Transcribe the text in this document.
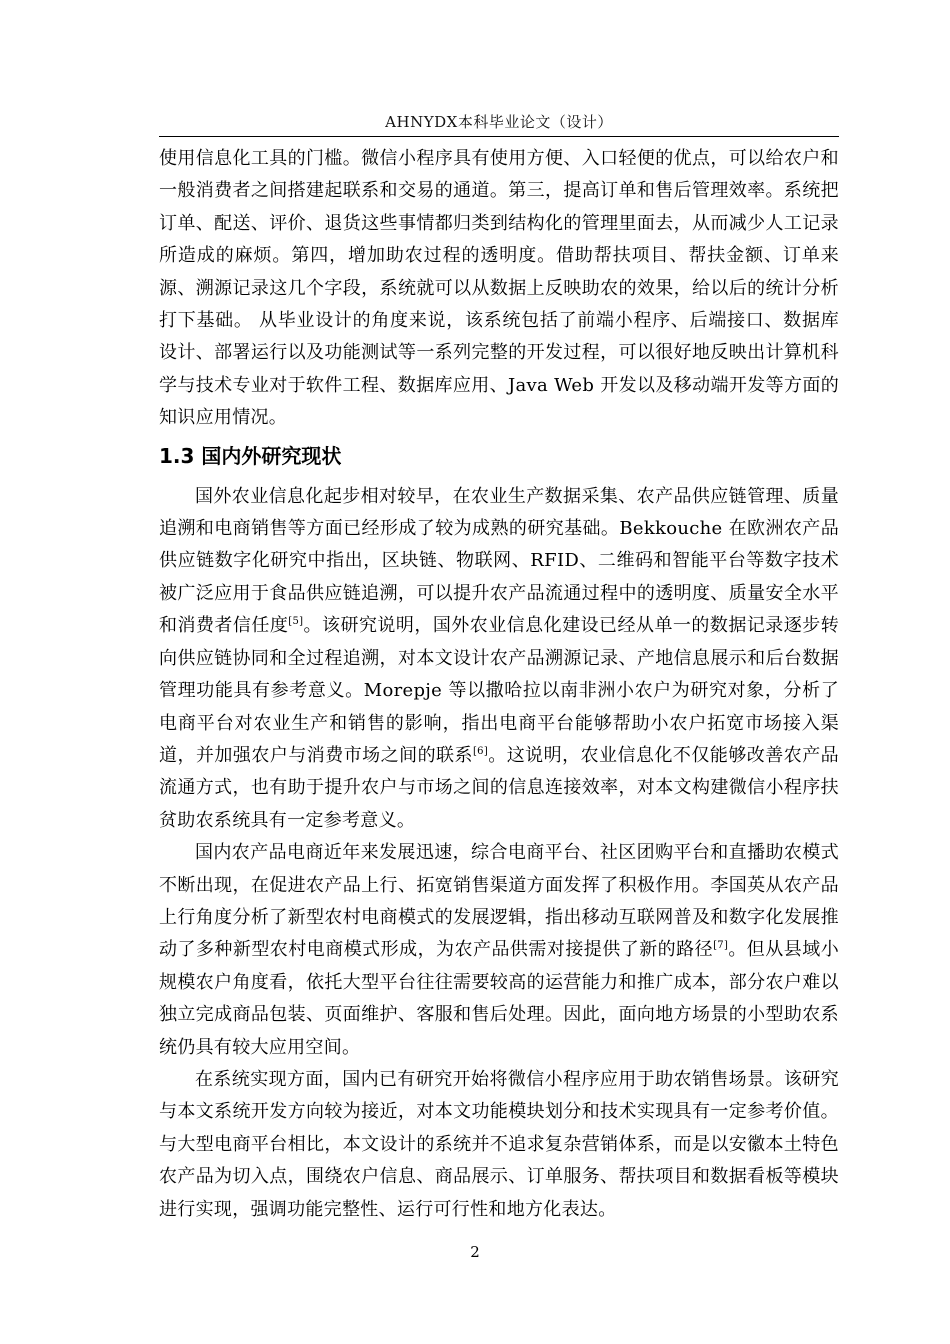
AHNYDX本科毕业论文（设计）

使用信息化工具的门槛。微信小程序具有使用方便、入口轻便的优点，可以给农户和一般消费者之间搭建起联系和交易的通道。第三，提高订单和售后管理效率。系统把订单、配送、评价、退货这些事情都归类到结构化的管理里面去，从而减少人工记录所造成的麻烦。第四，增加助农过程的透明度。借助帮扶项目、帮扶金额、订单来源、溯源记录这几个字段，系统就可以从数据上反映助农的效果，给以后的统计分析打下基础。 从毕业设计的角度来说，该系统包括了前端小程序、后端接口、数据库设计、部署运行以及功能测试等一系列完整的开发过程，可以很好地反映出计算机科学与技术专业对于软件工程、数据库应用、Java Web 开发以及移动端开发等方面的知识应用情况。

1.3 国内外研究现状

国外农业信息化起步相对较早，在农业生产数据采集、农产品供应链管理、质量追溯和电商销售等方面已经形成了较为成熟的研究基础。Bekkouche 在欧洲农产品供应链数字化研究中指出，区块链、物联网、RFID、二维码和智能平台等数字技术被广泛应用于食品供应链追溯，可以提升农产品流通过程中的透明度、质量安全水平和消费者信任度[5]。该研究说明，国外农业信息化建设已经从单一的数据记录逐步转向供应链协同和全过程追溯，对本文设计农产品溯源记录、产地信息展示和后台数据管理功能具有参考意义。Morepje 等以撒哈拉以南非洲小农户为研究对象，分析了电商平台对农业生产和销售的影响，指出电商平台能够帮助小农户拓宽市场接入渠道，并加强农户与消费市场之间的联系[6]。这说明，农业信息化不仅能够改善农产品流通方式，也有助于提升农户与市场之间的信息连接效率，对本文构建微信小程序扶贫助农系统具有一定参考意义。

国内农产品电商近年来发展迅速，综合电商平台、社区团购平台和直播助农模式不断出现，在促进农产品上行、拓宽销售渠道方面发挥了积极作用。李国英从农产品上行角度分析了新型农村电商模式的发展逻辑，指出移动互联网普及和数字化发展推动了多种新型农村电商模式形成，为农产品供需对接提供了新的路径[7]。但从县域小规模农户角度看，依托大型平台往往需要较高的运营能力和推广成本，部分农户难以独立完成商品包装、页面维护、客服和售后处理。因此，面向地方场景的小型助农系统仍具有较大应用空间。

在系统实现方面，国内已有研究开始将微信小程序应用于助农销售场景。该研究与本文系统开发方向较为接近，对本文功能模块划分和技术实现具有一定参考价值。与大型电商平台相比，本文设计的系统并不追求复杂营销体系，而是以安徽本土特色农产品为切入点，围绕农户信息、商品展示、订单服务、帮扶项目和数据看板等模块进行实现，强调功能完整性、运行可行性和地方化表达。

2
